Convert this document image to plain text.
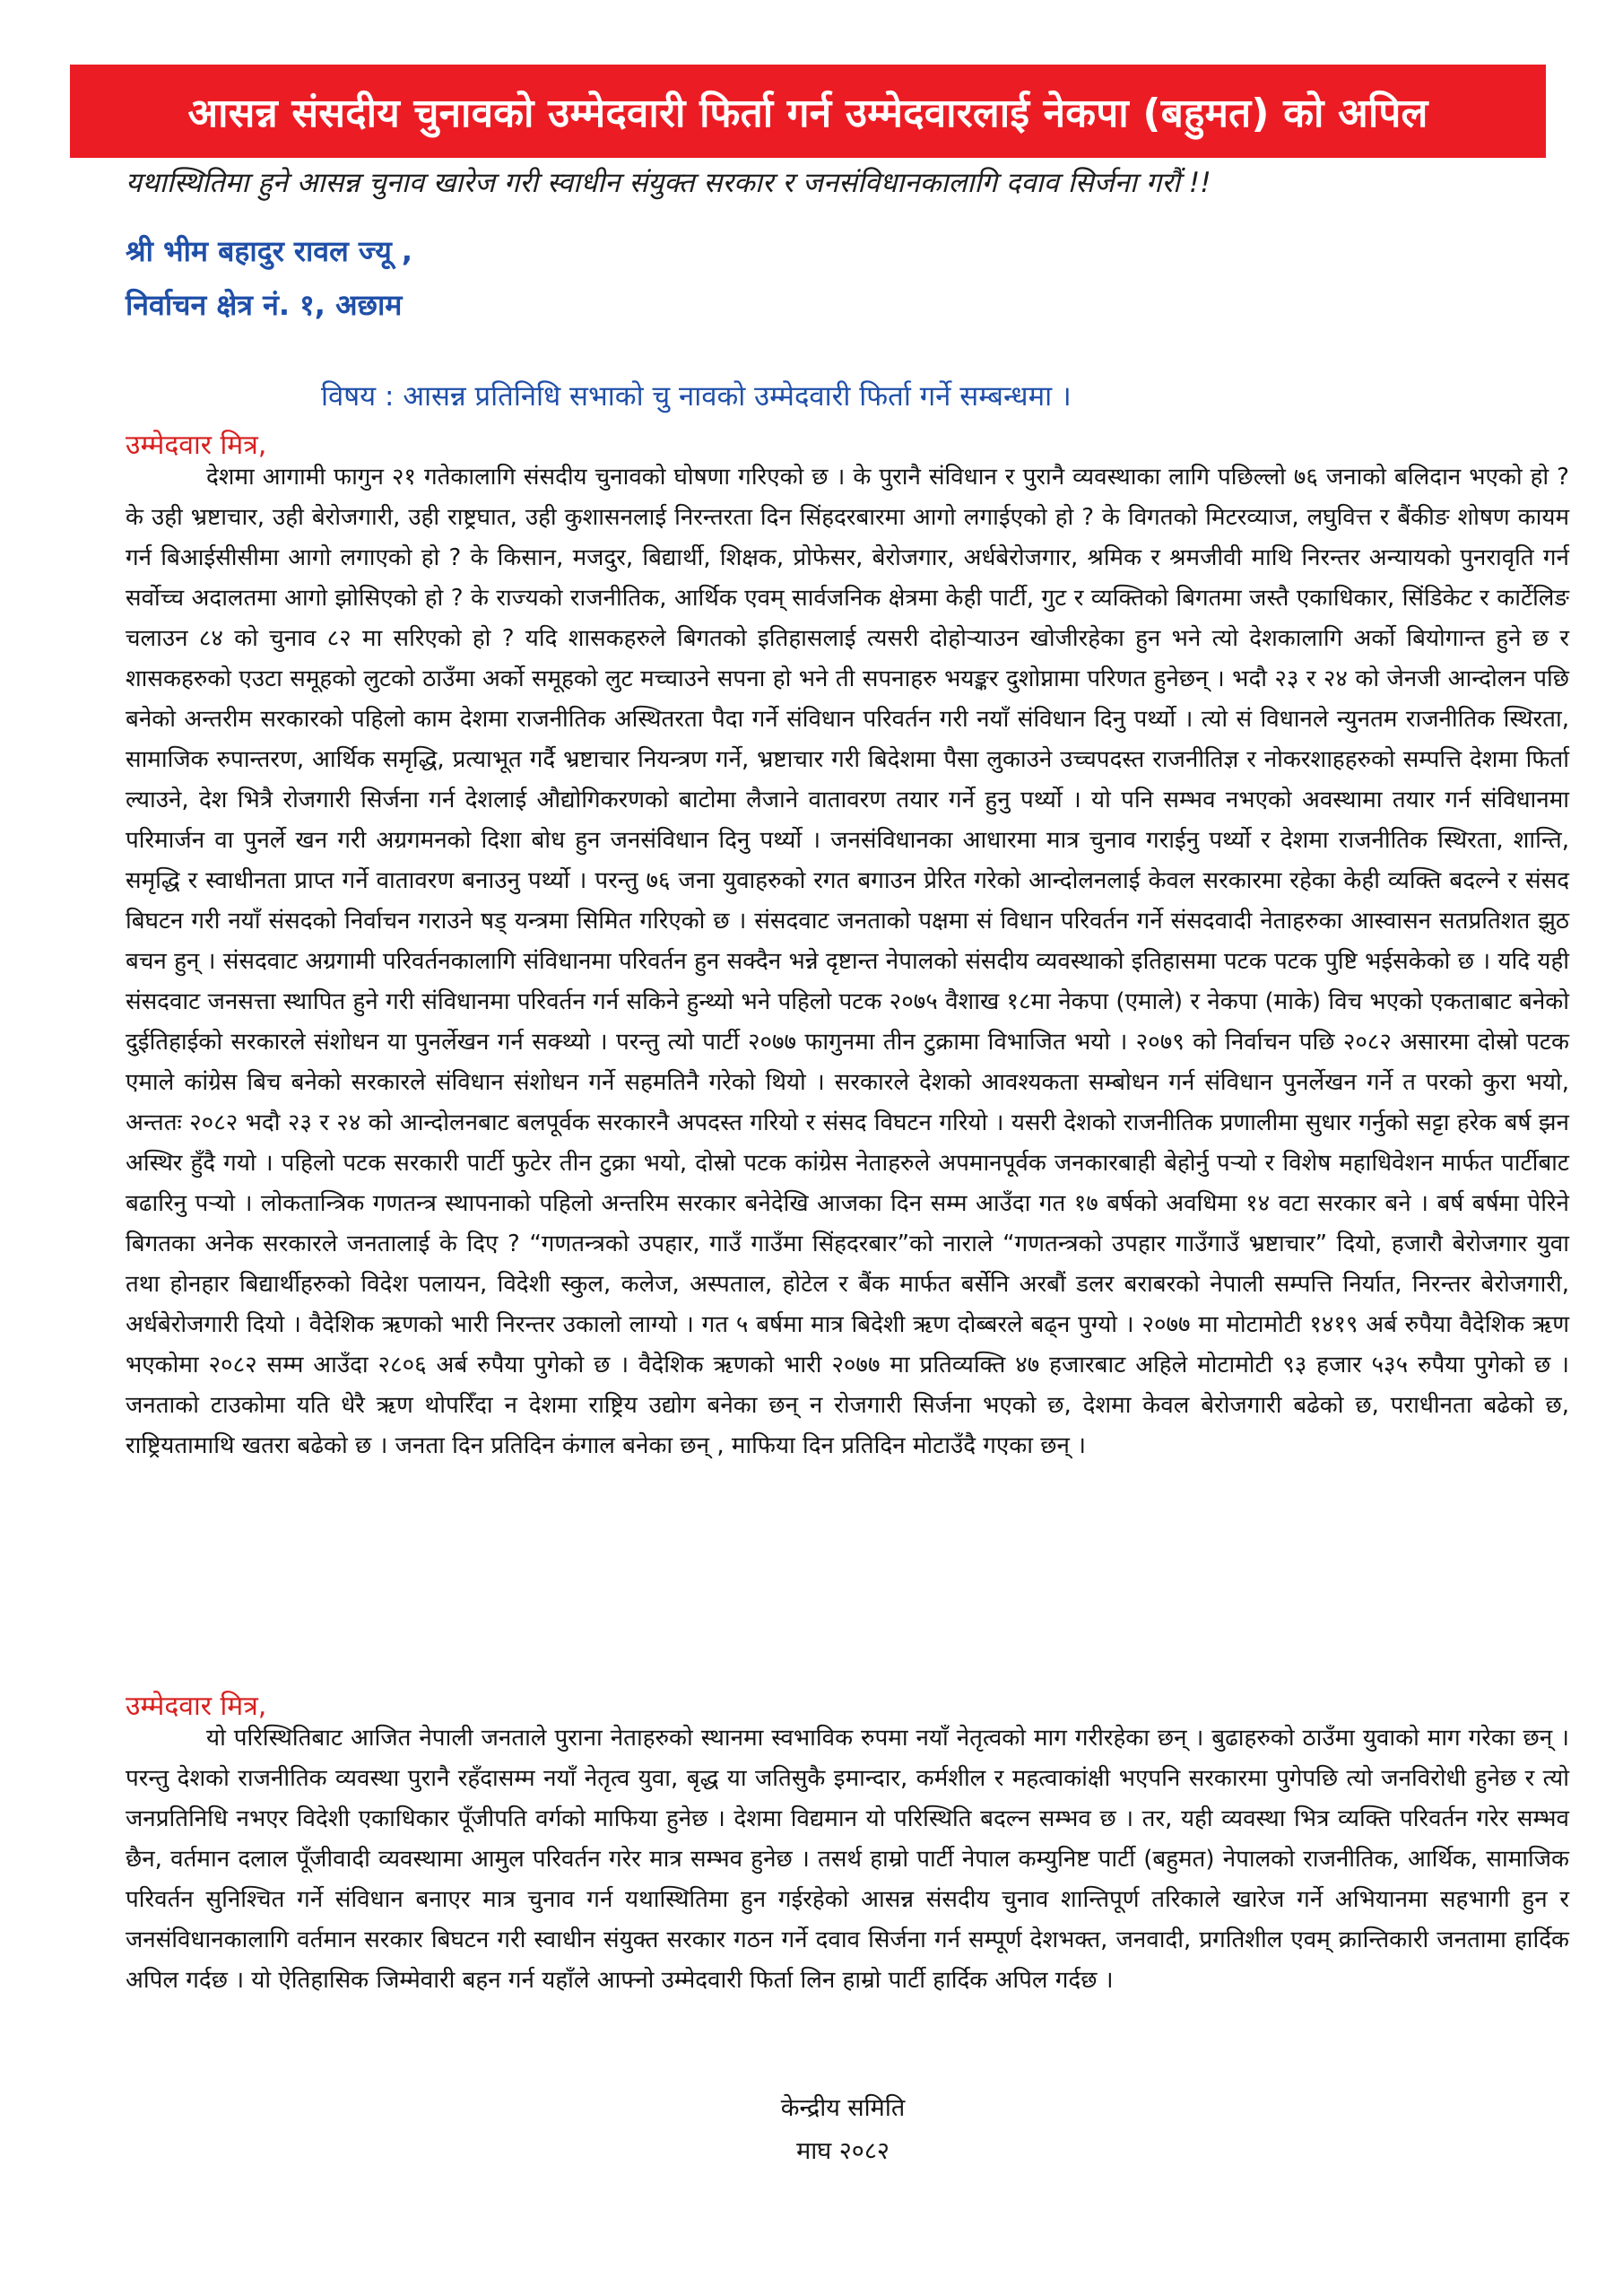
आसन्न संसदीय चुनावको उम्मेदवारी फिर्ता गर्न उम्मेदवारलाई नेकपा (बहुमत) को अपिल
यथास्थितिमा हुने आसन्न चुनाव खारेज गरी स्वाधीन संयुक्त सरकार र जनसंविधानकालागि दवाव सिर्जना गरौं !!
श्री भीम बहादुर रावल ज्यू ,
निर्वाचन क्षेत्र नं. १, अछाम
विषय : आसन्न प्रतिनिधि सभाको चु नावको उम्मेदवारी फिर्ता गर्ने सम्बन्धमा ।
उम्मेदवार मित्र,

देशमा आगामी फागुन २१ गतेकालागि संसदीय चुनावको घोषणा गरिएको छ । के पुरानै संविधान र पुरानै व्यवस्थाका लागि पछिल्लो ७६ जनाको बलिदान भएको हो ? के उही भ्रष्टाचार, उही बेरोजगारी, उही राष्ट्रघात, उही कुशासनलाई निरन्तरता दिन सिंहदरबारमा आगो लगाईएको हो ? के विगतको मिटरव्याज, लघुवित्त र बैंकीङ शोषण कायम गर्न बिआईसीसीमा आगो लगाएको हो ? के किसान, मजदुर, बिद्यार्थी, शिक्षक, प्रोफेसर, बेरोजगार, अर्धबेरोजगार, श्रमिक र श्रमजीवी माथि निरन्तर अन्यायको पुनरावृति गर्न सर्वोच्च अदालतमा आगो झोसिएको हो ? के राज्यको राजनीतिक, आर्थिक एवम् सार्वजनिक क्षेत्रमा केही पार्टी, गुट र व्यक्तिको बिगतमा जस्तै एकाधिकार, सिंडिकेट र कार्टेलिङ चलाउन ८४ को चुनाव ८२ मा सरिएको हो ? यदि शासकहरुले बिगतको इतिहासलाई त्यसरी दोहोर्‍याउन खोजीरहेका हुन भने त्यो देशकालागि अर्को बियोगान्त हुने छ र शासकहरुको एउटा समूहको लुटको ठाउँमा अर्को समूहको लुट मच्चाउने सपना हो भने ती सपनाहरु भयङ्कर दुशोप्नामा परिणत हुनेछन् । भदौ २३ र २४ को जेनजी आन्दोलन पछि बनेको अन्तरीम सरकारको पहिलो काम देशमा राजनीतिक अस्थितरता पैदा गर्ने संविधान परिवर्तन गरी नयाँ संविधान दिनु पर्थ्यो । त्यो सं विधानले न्युनतम राजनीतिक स्थिरता, सामाजिक रुपान्तरण, आर्थिक समृद्धि, प्रत्याभूत गर्दै भ्रष्टाचार नियन्त्रण गर्ने, भ्रष्टाचार गरी बिदेशमा पैसा लुकाउने उच्चपदस्त राजनीतिज्ञ र नोकरशाहहरुको सम्पत्ति देशमा फिर्ता ल्याउने, देश भित्रै रोजगारी सिर्जना गर्न देशलाई औद्योगिकरणको बाटोमा लैजाने वातावरण तयार गर्ने हुनु पर्थ्यो । यो पनि सम्भव नभएको अवस्थामा तयार गर्न संविधानमा परिमार्जन वा पुनर्ले खन गरी अग्रगमनको दिशा बोध हुन जनसंविधान दिनु पर्थ्यो । जनसंविधानका आधारमा मात्र चुनाव गराईनु पर्थ्यो र देशमा राजनीतिक स्थिरता, शान्ति, समृद्धि र स्वाधीनता प्राप्त गर्ने वातावरण बनाउनु पर्थ्यो । परन्तु ७६ जना युवाहरुको रगत बगाउन प्रेरित गरेको आन्दोलनलाई केवल सरकारमा रहेका केही व्यक्ति बदल्ने र संसद बिघटन गरी नयाँ संसदको निर्वाचन गराउने षड् यन्त्रमा सिमित गरिएको छ । संसदवाट जनताको पक्षमा सं विधान परिवर्तन गर्ने संसदवादी नेताहरुका आस्वासन सतप्रतिशत झुठ बचन हुन् । संसदवाट अग्रगामी परिवर्तनकालागि संविधानमा परिवर्तन हुन सक्दैन भन्ने दृष्टान्त नेपालको संसदीय व्यवस्थाको इतिहासमा पटक पटक पुष्टि भईसकेको छ । यदि यही संसदवाट जनसत्ता स्थापित हुने गरी संविधानमा परिवर्तन गर्न सकिने हुन्थ्यो भने पहिलो पटक २०७५ वैशाख १८मा नेकपा (एमाले) र नेकपा (माके) विच भएको एकताबाट बनेको दुईतिहाईको सरकारले संशोधन या पुनर्लेखन गर्न सक्थ्यो । परन्तु त्यो पार्टी २०७७ फागुनमा तीन टुक्रामा विभाजित भयो । २०७९ को निर्वाचन पछि २०८२ असारमा दोस्रो पटक एमाले कांग्रेस बिच बनेको सरकारले संविधान संशोधन गर्ने सहमतिनै गरेको थियो । सरकारले देशको आवश्यकता सम्बोधन गर्न संविधान पुनर्लेखन गर्ने त परको कुरा भयो, अन्ततः २०८२ भदौ २३ र २४ को आन्दोलनबाट बलपूर्वक सरकारनै अपदस्त गरियो र संसद विघटन गरियो । यसरी देशको राजनीतिक प्रणालीमा सुधार गर्नुको सट्टा हरेक बर्ष झन अस्थिर हुँदै गयो । पहिलो पटक सरकारी पार्टी फुटेर तीन टुक्रा भयो, दोस्रो पटक कांग्रेस नेताहरुले अपमानपूर्वक जनकारबाही बेहोर्नु पर्‍यो र विशेष महाधिवेशन मार्फत पार्टीबाट बढारिनु पर्‍यो । लोकतान्त्रिक गणतन्त्र स्थापनाको पहिलो अन्तरिम सरकार बनेदेखि आजका दिन सम्म आउँदा गत १७ बर्षको अवधिमा १४ वटा सरकार बने । बर्ष बर्षमा पेरिने बिगतका अनेक सरकारले जनतालाई के दिए ? “गणतन्त्रको उपहार, गाउँ गाउँमा सिंहदरबार”को नाराले “गणतन्त्रको उपहार गाउँगाउँ भ्रष्टाचार” दियो, हजारौ बेरोजगार युवा तथा होनहार बिद्यार्थीहरुको विदेश पलायन, विदेशी स्कुल, कलेज, अस्पताल, होटेल र बैंक मार्फत बर्सेनि अरबौं डलर बराबरको नेपाली सम्पत्ति निर्यात, निरन्तर बेरोजगारी, अर्धबेरोजगारी दियो । वैदेशिक ऋणको भारी निरन्तर उकालो लाग्यो । गत ५ बर्षमा मात्र बिदेशी ऋण दोब्बरले बढ्न पुग्यो । २०७७ मा मोटामोटी १४१९ अर्ब रुपैया वैदेशिक ऋण भएकोमा २०८२ सम्म आउँदा २८०६ अर्ब रुपैया पुगेको छ । वैदेशिक ऋणको भारी २०७७ मा प्रतिव्यक्ति ४७ हजारबाट अहिले मोटामोटी ९३ हजार ५३५ रुपैया पुगेको छ । जनताको टाउकोमा यति धेरै ऋण थोपरिँदा न देशमा राष्ट्रिय उद्योग बनेका छन् न रोजगारी सिर्जना भएको छ, देशमा केवल बेरोजगारी बढेको छ, पराधीनता बढेको छ, राष्ट्रियतामाथि खतरा बढेको छ । जनता दिन प्रतिदिन कंगाल बनेका छन् , माफिया दिन प्रतिदिन मोटाउँदै गएका छन् ।

उम्मेदवार मित्र,

यो परिस्थितिबाट आजित नेपाली जनताले पुराना नेताहरुको स्थानमा स्वभाविक रुपमा नयाँ नेतृत्वको माग गरीरहेका छन् । बुढाहरुको ठाउँमा युवाको माग गरेका छन् । परन्तु देशको राजनीतिक व्यवस्था पुरानै रहँदासम्म नयाँ नेतृत्व युवा, बृद्ध या जतिसुकै इमान्दार, कर्मशील र महत्वाकांक्षी भएपनि सरकारमा पुगेपछि त्यो जनविरोधी हुनेछ र त्यो जनप्रतिनिधि नभएर विदेशी एकाधिकार पूँजीपति वर्गको माफिया हुनेछ । देशमा विद्यमान यो परिस्थिति बदल्न सम्भव छ । तर, यही व्यवस्था भित्र व्यक्ति परिवर्तन गरेर सम्भव छैन, वर्तमान दलाल पूँजीवादी व्यवस्थामा आमुल परिवर्तन गरेर मात्र सम्भव हुनेछ । तसर्थ हाम्रो पार्टी नेपाल कम्युनिष्ट पार्टी (बहुमत) नेपालको राजनीतिक, आर्थिक, सामाजिक परिवर्तन सुनिश्चित गर्ने संविधान बनाएर मात्र चुनाव गर्न यथास्थितिमा हुन गईरहेको आसन्न संसदीय चुनाव शान्तिपूर्ण तरिकाले खारेज गर्ने अभियानमा सहभागी हुन र जनसंविधानकालागि वर्तमान सरकार बिघटन गरी स्वाधीन संयुक्त सरकार गठन गर्ने दवाव सिर्जना गर्न सम्पूर्ण देशभक्त, जनवादी, प्रगतिशील एवम् क्रान्तिकारी जनतामा हार्दिक अपिल गर्दछ । यो ऐतिहासिक जिम्मेवारी बहन गर्न यहाँले आफ्नो उम्मेदवारी फिर्ता लिन हाम्रो पार्टी हार्दिक अपिल गर्दछ ।

केन्द्रीय समिति
माघ २०८२
